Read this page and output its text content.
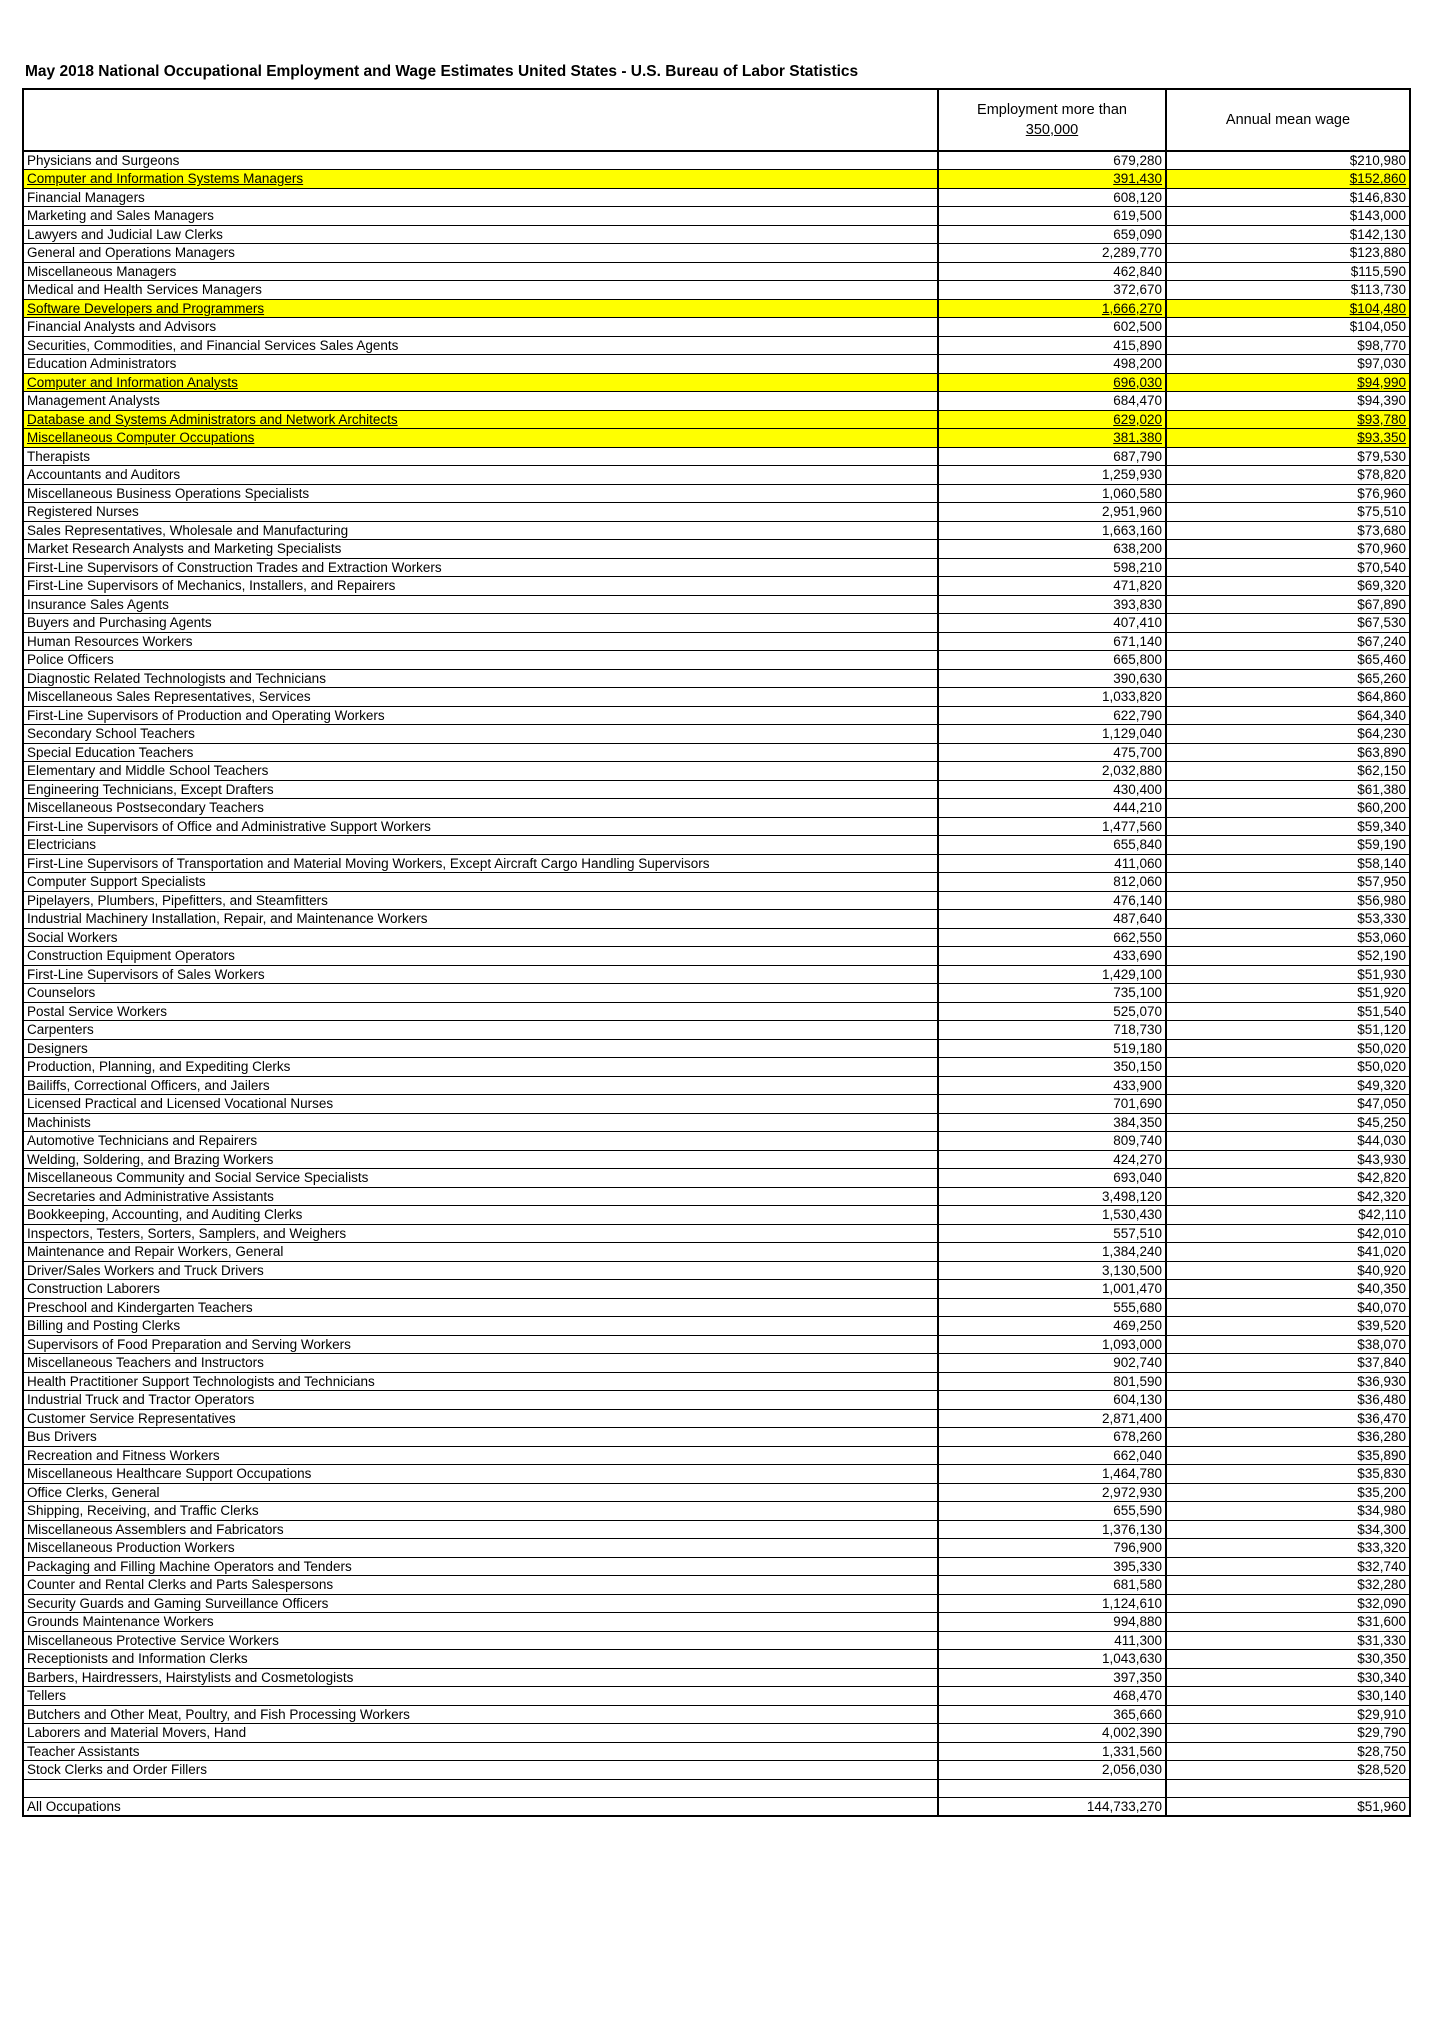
May 2018 National Occupational Employment and Wage Estimates United States - U.S. Bureau of Labor Statistics
	Employment more than
350,000	Annual mean wage
Physicians and Surgeons	679,280	$210,980
Computer and Information Systems Managers	391,430	$152,860
Financial Managers	608,120	$146,830
Marketing and Sales Managers	619,500	$143,000
Lawyers and Judicial Law Clerks	659,090	$142,130
General and Operations Managers	2,289,770	$123,880
Miscellaneous Managers	462,840	$115,590
Medical and Health Services Managers	372,670	$113,730
Software Developers and Programmers	1,666,270	$104,480
Financial Analysts and Advisors	602,500	$104,050
Securities, Commodities, and Financial Services Sales Agents	415,890	$98,770
Education Administrators	498,200	$97,030
Computer and Information Analysts	696,030	$94,990
Management Analysts	684,470	$94,390
Database and Systems Administrators and Network Architects	629,020	$93,780
Miscellaneous Computer Occupations	381,380	$93,350
Therapists	687,790	$79,530
Accountants and Auditors	1,259,930	$78,820
Miscellaneous Business Operations Specialists	1,060,580	$76,960
Registered Nurses	2,951,960	$75,510
Sales Representatives, Wholesale and Manufacturing	1,663,160	$73,680
Market Research Analysts and Marketing Specialists	638,200	$70,960
First-Line Supervisors of Construction Trades and Extraction Workers	598,210	$70,540
First-Line Supervisors of Mechanics, Installers, and Repairers	471,820	$69,320
Insurance Sales Agents	393,830	$67,890
Buyers and Purchasing Agents	407,410	$67,530
Human Resources Workers	671,140	$67,240
Police Officers	665,800	$65,460
Diagnostic Related Technologists and Technicians	390,630	$65,260
Miscellaneous Sales Representatives, Services	1,033,820	$64,860
First-Line Supervisors of Production and Operating Workers	622,790	$64,340
Secondary School Teachers	1,129,040	$64,230
Special Education Teachers	475,700	$63,890
Elementary and Middle School Teachers	2,032,880	$62,150
Engineering Technicians, Except Drafters	430,400	$61,380
Miscellaneous Postsecondary Teachers	444,210	$60,200
First-Line Supervisors of Office and Administrative Support Workers	1,477,560	$59,340
Electricians	655,840	$59,190
First-Line Supervisors of Transportation and Material Moving Workers, Except Aircraft Cargo Handling Supervisors	411,060	$58,140
Computer Support Specialists	812,060	$57,950
Pipelayers, Plumbers, Pipefitters, and Steamfitters	476,140	$56,980
Industrial Machinery Installation, Repair, and Maintenance Workers	487,640	$53,330
Social Workers	662,550	$53,060
Construction Equipment Operators	433,690	$52,190
First-Line Supervisors of Sales Workers	1,429,100	$51,930
Counselors	735,100	$51,920
Postal Service Workers	525,070	$51,540
Carpenters	718,730	$51,120
Designers	519,180	$50,020
Production, Planning, and Expediting Clerks	350,150	$50,020
Bailiffs, Correctional Officers, and Jailers	433,900	$49,320
Licensed Practical and Licensed Vocational Nurses	701,690	$47,050
Machinists	384,350	$45,250
Automotive Technicians and Repairers	809,740	$44,030
Welding, Soldering, and Brazing Workers	424,270	$43,930
Miscellaneous Community and Social Service Specialists	693,040	$42,820
Secretaries and Administrative Assistants	3,498,120	$42,320
Bookkeeping, Accounting, and Auditing Clerks	1,530,430	$42,110
Inspectors, Testers, Sorters, Samplers, and Weighers	557,510	$42,010
Maintenance and Repair Workers, General	1,384,240	$41,020
Driver/Sales Workers and Truck Drivers	3,130,500	$40,920
Construction Laborers	1,001,470	$40,350
Preschool and Kindergarten Teachers	555,680	$40,070
Billing and Posting Clerks	469,250	$39,520
Supervisors of Food Preparation and Serving Workers	1,093,000	$38,070
Miscellaneous Teachers and Instructors	902,740	$37,840
Health Practitioner Support Technologists and Technicians	801,590	$36,930
Industrial Truck and Tractor Operators	604,130	$36,480
Customer Service Representatives	2,871,400	$36,470
Bus Drivers	678,260	$36,280
Recreation and Fitness Workers	662,040	$35,890
Miscellaneous Healthcare Support Occupations	1,464,780	$35,830
Office Clerks, General	2,972,930	$35,200
Shipping, Receiving, and Traffic Clerks	655,590	$34,980
Miscellaneous Assemblers and Fabricators	1,376,130	$34,300
Miscellaneous Production Workers	796,900	$33,320
Packaging and Filling Machine Operators and Tenders	395,330	$32,740
Counter and Rental Clerks and Parts Salespersons	681,580	$32,280
Security Guards and Gaming Surveillance Officers	1,124,610	$32,090
Grounds Maintenance Workers	994,880	$31,600
Miscellaneous Protective Service Workers	411,300	$31,330
Receptionists and Information Clerks	1,043,630	$30,350
Barbers, Hairdressers, Hairstylists and Cosmetologists	397,350	$30,340
Tellers	468,470	$30,140
Butchers and Other Meat, Poultry, and Fish Processing Workers	365,660	$29,910
Laborers and Material Movers, Hand	4,002,390	$29,790
Teacher Assistants	1,331,560	$28,750
Stock Clerks and Order Fillers	2,056,030	$28,520

All Occupations	144,733,270	$51,960
